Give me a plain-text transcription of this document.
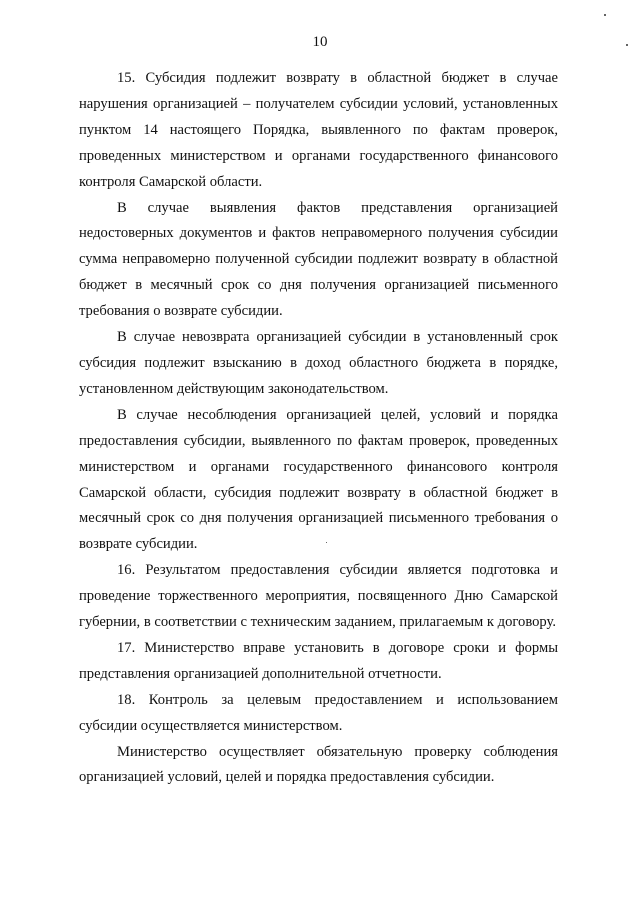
10

15. Субсидия подлежит возврату в областной бюджет в случае нарушения организацией – получателем субсидии условий, установленных пунктом 14 настоящего Порядка, выявленного по фактам проверок, проведенных министерством и органами государственного финансового контроля Самарской области.

В случае выявления фактов представления организацией недостоверных документов и фактов неправомерного получения субсидии сумма неправомерно полученной субсидии подлежит возврату в областной бюджет в месячный срок со дня получения организацией письменного требования о возврате субсидии.

В случае невозврата организацией субсидии в установленный срок субсидия подлежит взысканию в доход областного бюджета в порядке, установленном действующим законодательством.

В случае несоблюдения организацией целей, условий и порядка предоставления субсидии, выявленного по фактам проверок, проведенных министерством и органами государственного финансового контроля Самарской области, субсидия подлежит возврату в областной бюджет в месячный срок со дня получения организацией письменного требования о возврате субсидии.

16. Результатом предоставления субсидии является подготовка и проведение торжественного мероприятия, посвященного Дню Самарской губернии, в соответствии с техническим заданием, прилагаемым к договору.

17. Министерство вправе установить в договоре сроки и формы представления организацией дополнительной отчетности.

18. Контроль за целевым предоставлением и использованием субсидии осуществляется министерством.

Министерство осуществляет обязательную проверку соблюдения организацией условий, целей и порядка предоставления субсидии.
